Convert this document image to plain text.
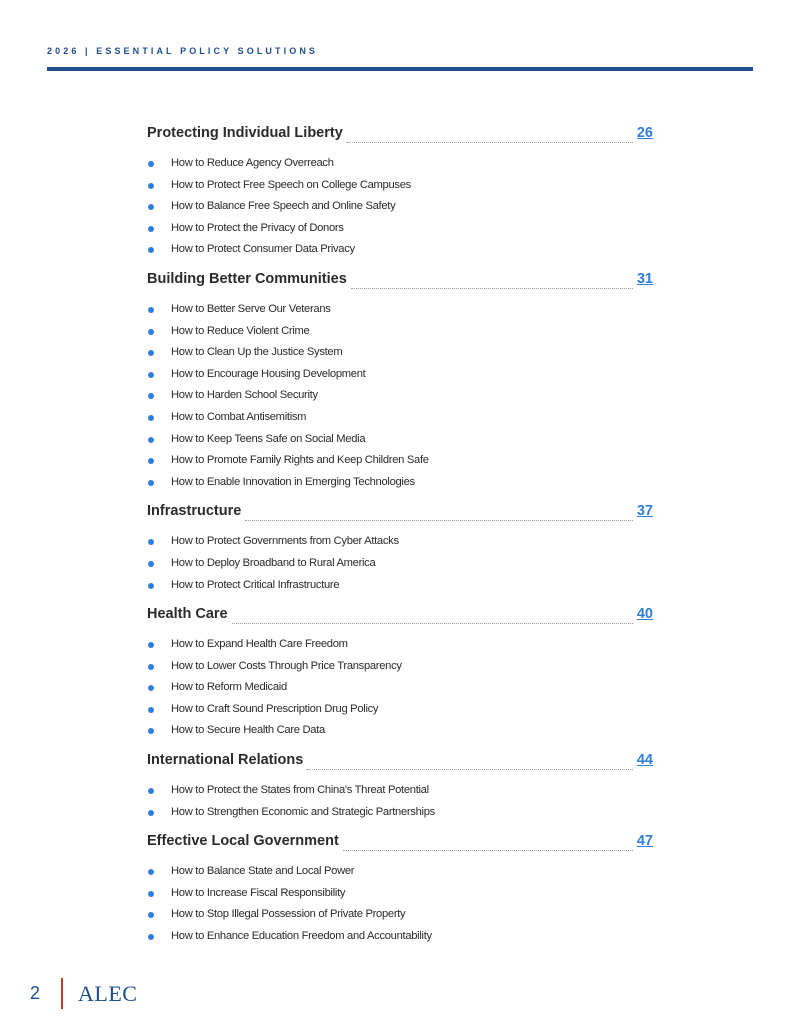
2026 | ESSENTIAL POLICY SOLUTIONS
Protecting Individual Liberty	26
How to Reduce Agency Overreach
How to Protect Free Speech on College Campuses
How to Balance Free Speech and Online Safety
How to Protect the Privacy of Donors
How to Protect Consumer Data Privacy
Building Better Communities	31
How to Better Serve Our Veterans
How to Reduce Violent Crime
How to Clean Up the Justice System
How to Encourage Housing Development
How to Harden School Security
How to Combat Antisemitism
How to Keep Teens Safe on Social Media
How to Promote Family Rights and Keep Children Safe
How to Enable Innovation in Emerging Technologies
Infrastructure	37
How to Protect Governments from Cyber Attacks
How to Deploy Broadband to Rural America
How to Protect Critical Infrastructure
Health Care	40
How to Expand Health Care Freedom
How to Lower Costs Through Price Transparency
How to Reform Medicaid
How to Craft Sound Prescription Drug Policy
How to Secure Health Care Data
International Relations	44
How to Protect the States from China's Threat Potential
How to Strengthen Economic and Strategic Partnerships
Effective Local Government	47
How to Balance State and Local Power
How to Increase Fiscal Responsibility
How to Stop Illegal Possession of Private Property
How to Enhance Education Freedom and Accountability
2 ALEC
